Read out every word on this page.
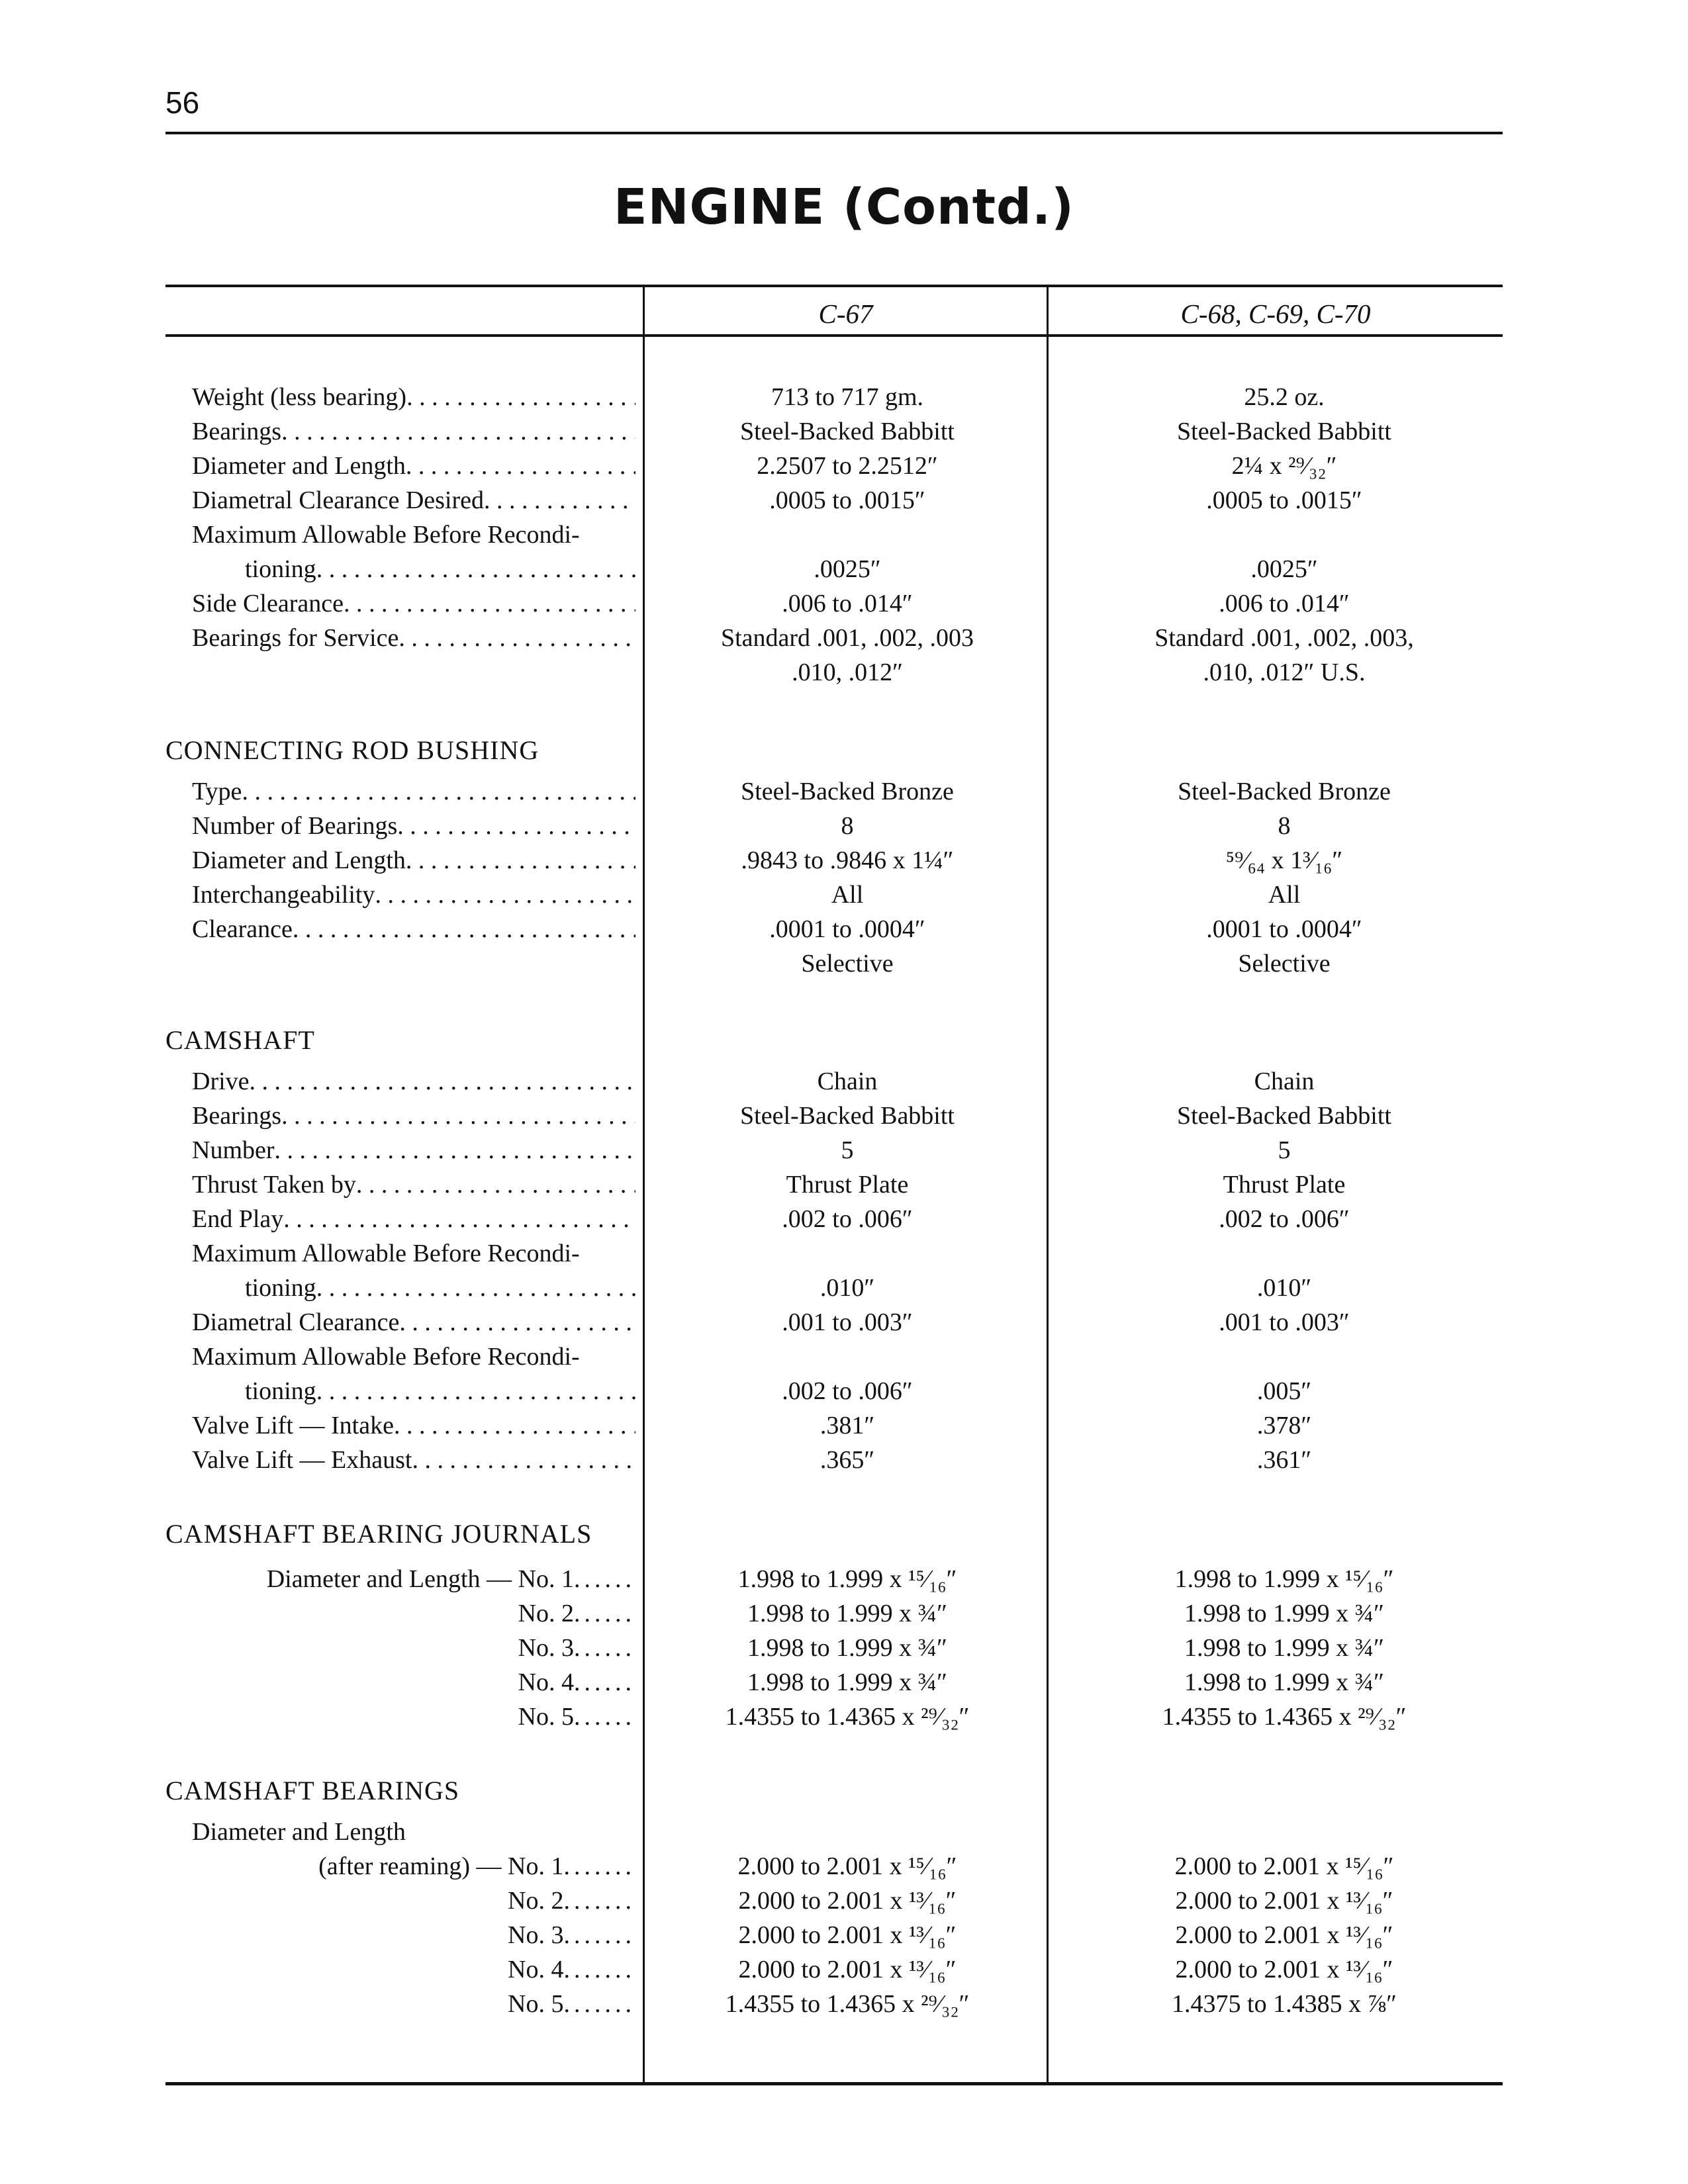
56
ENGINE (Contd.)
C-67	C-68, C-69, C-70
Weight (less bearing) . . .	713 to 717 gm.	25.2 oz.
Bearings . . .	Steel-Backed Babbitt	Steel-Backed Babbitt
Diameter and Length . . .	2.2507 to 2.2512″	2¼ x ²⁹⁄₃₂″
Diametral Clearance Desired . . .	.0005 to .0015″	.0005 to .0015″
Maximum Allowable Before Recondi-
tioning . . .	.0025″	.0025″
Side Clearance . . .	.006 to .014″	.006 to .014″
Bearings for Service . . .	Standard .001, .002, .003	Standard .001, .002, .003,
.010, .012″	.010, .012″ U.S.
CONNECTING ROD BUSHING
Type . . .	Steel-Backed Bronze	Steel-Backed Bronze
Number of Bearings . . .	8	8
Diameter and Length . . .	.9843 to .9846 x 1¼″	⁵⁹⁄₆₄ x 1³⁄₁₆″
Interchangeability . . .	All	All
Clearance . . .	.0001 to .0004″	.0001 to .0004″
Selective	Selective
CAMSHAFT
Drive . . .	Chain	Chain
Bearings . . .	Steel-Backed Babbitt	Steel-Backed Babbitt
Number . . .	5	5
Thrust Taken by . . .	Thrust Plate	Thrust Plate
End Play . . .	.002 to .006″	.002 to .006″
Maximum Allowable Before Recondi-
tioning . . .	.010″	.010″
Diametral Clearance . . .	.001 to .003″	.001 to .003″
Maximum Allowable Before Recondi-
tioning . . .	.002 to .006″	.005″
Valve Lift — Intake . . .	.381″	.378″
Valve Lift — Exhaust . . .	.365″	.361″
CAMSHAFT BEARING JOURNALS
Diameter and Length — No. 1 ......	1.998 to 1.999 x ¹⁵⁄₁₆″	1.998 to 1.999 x ¹⁵⁄₁₆″
No. 2 ......	1.998 to 1.999 x ¾″	1.998 to 1.999 x ¾″
No. 3 ......	1.998 to 1.999 x ¾″	1.998 to 1.999 x ¾″
No. 4 ......	1.998 to 1.999 x ¾″	1.998 to 1.999 x ¾″
No. 5 ......	1.4355 to 1.4365 x ²⁹⁄₃₂″	1.4355 to 1.4365 x ²⁹⁄₃₂″
CAMSHAFT BEARINGS
Diameter and Length
(after reaming) — No. 1 .......	2.000 to 2.001 x ¹⁵⁄₁₆″	2.000 to 2.001 x ¹⁵⁄₁₆″
No. 2 .......	2.000 to 2.001 x ¹³⁄₁₆″	2.000 to 2.001 x ¹³⁄₁₆″
No. 3 .......	2.000 to 2.001 x ¹³⁄₁₆″	2.000 to 2.001 x ¹³⁄₁₆″
No. 4 .......	2.000 to 2.001 x ¹³⁄₁₆″	2.000 to 2.001 x ¹³⁄₁₆″
No. 5 .......	1.4355 to 1.4365 x ²⁹⁄₃₂″	1.4375 to 1.4385 x ⅞″
